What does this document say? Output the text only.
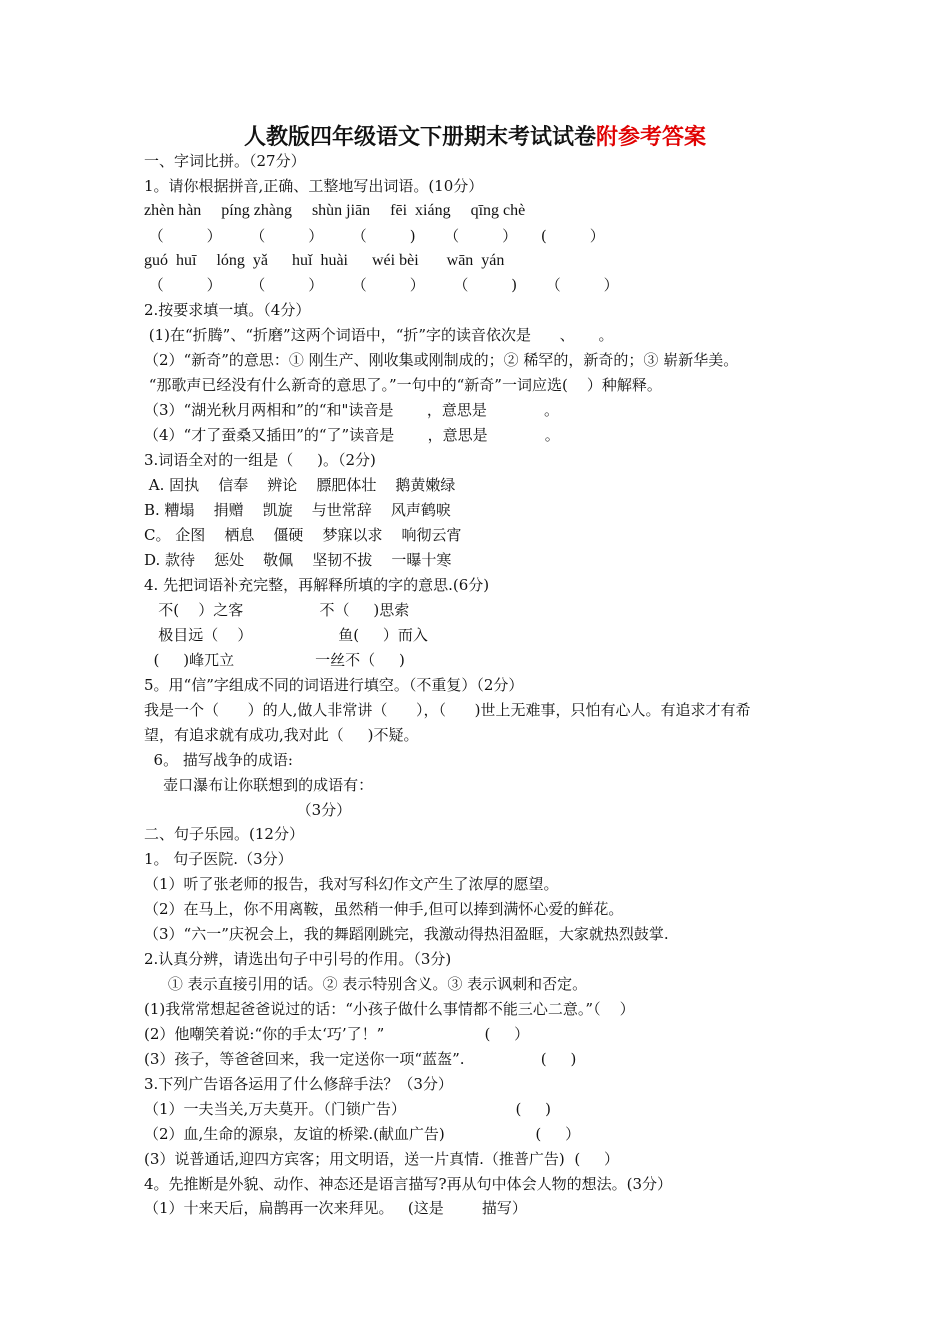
人教版四年级语文下册期末考试试卷附参考答案
一、字词比拼。（27分）
1。请你根据拼音,正确、工整地写出词语。(10分）
zhèn hàn     píng zhàng     shùn jiān     fēi  xiáng     qīng chè
（         ）      （         ）      （         )      （         ）     (         ）
guó  huī     lóng  yǎ      huǐ  huài      wéi bèi       wān  yán
（         ）      （         ）      （         ）      （         )      （         ）
2.按要求填一填。（4分）
(1)在“折腾”、“折磨”这两个词语中，“折”字的读音依次是      、     。
（2）“新奇”的意思：① 刚生产、刚收集或刚制成的；② 稀罕的，新奇的；③ 崭新华美。
“那歌声已经没有什么新奇的意思了。”一句中的“新奇”一词应选(    ）种解释。
（3）“湖光秋月两相和”的“和"读音是       ，意思是            。
（4）“才了蚕桑又插田”的“了”读音是       ，意思是            。
3.词语全对的一组是（     )。（2分)
A. 固执    信奉    辨论    膘肥体壮    鹅黄嫩绿
B. 糟塌    捐赠    凯旋    与世常辞    风声鹤唳
C。 企图    栖息    僵硬    梦寐以求    响彻云宵
D. 款待    惩处    敬佩    坚韧不拔    一曝十寒
4. 先把词语补充完整，再解释所填的字的意思.(6分)
不(    ）之客                不（     )思索
极目远（    ）                  鱼(     ）而入
(     )峰兀立                 一丝不（     )
5。用“信”字组成不同的词语进行填空。（不重复）（2分）
我是一个（      ）的人,做人非常讲（      ），（      )世上无难事，只怕有心人。有追求才有希
望，有追求就有成功,我对此（     )不疑。
6。 描写战争的成语:
壶口瀑布让你联想到的成语有：
（3分）
二、句子乐园。(12分）
1。 句子医院.（3分）
（1）听了张老师的报告，我对写科幻作文产生了浓厚的愿望。
（2）在马上，你不用离鞍，虽然稍一伸手,但可以捧到满怀心爱的鲜花。
（3）“六一”庆祝会上，我的舞蹈刚跳完，我激动得热泪盈眶，大家就热烈鼓掌.
2.认真分辨，请选出句子中引号的作用。（3分)
① 表示直接引用的话。② 表示特别含义。③ 表示讽刺和否定。
(1)我常常想起爸爸说过的话：“小孩子做什么事情都不能三心二意。”（    ）
(2）他嘲笑着说:“你的手太‘巧’了！”                     (     ）
(3）孩子，等爸爸回来，我一定送你一项“蓝盔”.                (     )
3.下列广告语各运用了什么修辞手法？（3分）
（1）一夫当关,万夫莫开。（门锁广告）                       (     )
（2）血,生命的源泉，友谊的桥梁.(献血广告)                   (     ）
(3）说普通话,迎四方宾客；用文明语，送一片真情.（推普广告)  (     ）
4。先推断是外貌、动作、神态还是语言描写?再从句中体会人物的想法。(3分）
（1）十来天后，扁鹊再一次来拜见。   (这是        描写）
